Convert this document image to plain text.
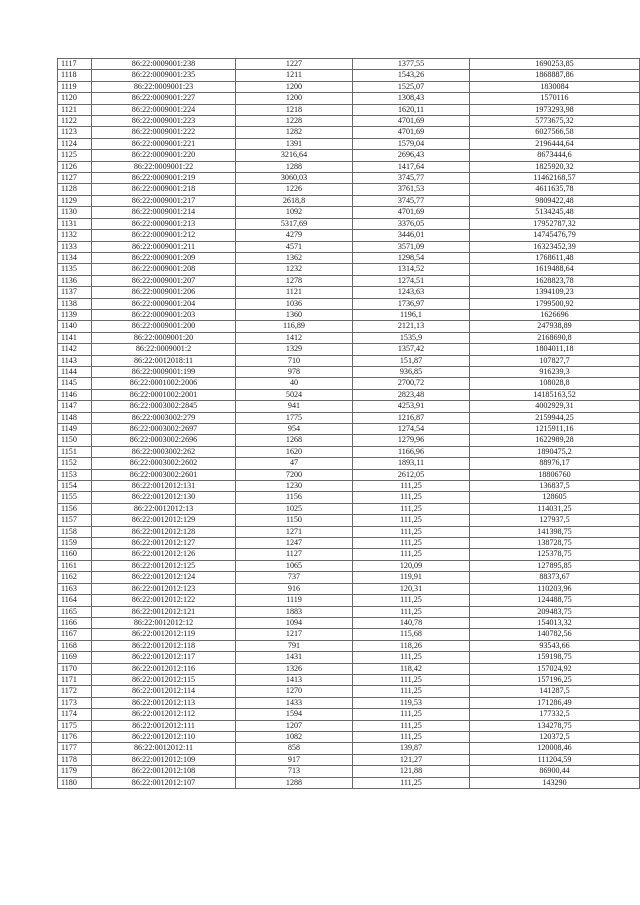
1117	86:22:0009001:238	1227	1377,55	1690253,85
1118	86:22:0009001:235	1211	1543,26	1868887,86
1119	86:22:0009001:23	1200	1525,07	1830084
1120	86:22:0009001:227	1200	1308,43	1570116
1121	86:22:0009001:224	1218	1620,11	1973293,98
1122	86:22:0009001:223	1228	4701,69	5773675,32
1123	86:22:0009001:222	1282	4701,69	6027566,58
1124	86:22:0009001:221	1391	1579,04	2196444,64
1125	86:22:0009001:220	3216,64	2696,43	8673444,6
1126	86:22:0009001:22	1288	1417,64	1825920,32
1127	86:22:0009001:219	3060,03	3745,77	11462168,57
1128	86:22:0009001:218	1226	3761,53	4611635,78
1129	86:22:0009001:217	2618,8	3745,77	9809422,48
1130	86:22:0009001:214	1092	4701,69	5134245,48
1131	86:22:0009001:213	5317,69	3376,05	17952787,32
1132	86:22:0009001:212	4279	3446,01	14745476,79
1133	86:22:0009001:211	4571	3571,09	16323452,39
1134	86:22:0009001:209	1362	1298,54	1768611,48
1135	86:22:0009001:208	1232	1314,52	1619488,64
1136	86:22:0009001:207	1278	1274,51	1628823,78
1137	86:22:0009001:206	1121	1243,63	1394109,23
1138	86:22:0009001:204	1036	1736,97	1799500,92
1139	86:22:0009001:203	1360	1196,1	1626696
1140	86:22:0009001:200	116,89	2121,13	247938,89
1141	86:22:0009001:20	1412	1535,9	2168690,8
1142	86:22:0009001:2	1329	1357,42	1804011,18
1143	86:22:0012018:11	710	151,87	107827,7
1144	86:22:0009001:199	978	936,85	916239,3
1145	86:22:0001002:2006	40	2700,72	108028,8
1146	86:22:0001002:2001	5024	2823,48	14185163,52
1147	86:22:0003002:2845	941	4253,91	4002929,31
1148	86:22:0003002:279	1775	1216,87	2159944,25
1149	86:22:0003002:2697	954	1274,54	1215911,16
1150	86:22:0003002:2696	1268	1279,96	1622989,28
1151	86:22:0003002:262	1620	1166,96	1890475,2
1152	86:22:0003002:2602	47	1893,11	88976,17
1153	86:22:0003002:2601	7200	2612,05	18806760
1154	86:22:0012012:131	1230	111,25	136837,5
1155	86:22:0012012:130	1156	111,25	128605
1156	86:22:0012012:13	1025	111,25	114031,25
1157	86:22:0012012:129	1150	111,25	127937,5
1158	86:22:0012012:128	1271	111,25	141398,75
1159	86:22:0012012:127	1247	111,25	138728,75
1160	86:22:0012012:126	1127	111,25	125378,75
1161	86:22:0012012:125	1065	120,09	127895,85
1162	86:22:0012012:124	737	119,91	88373,67
1163	86:22:0012012:123	916	120,31	110203,96
1164	86:22:0012012:122	1119	111,25	124488,75
1165	86:22:0012012:121	1883	111,25	209483,75
1166	86:22:0012012:12	1094	140,78	154013,32
1167	86:22:0012012:119	1217	115,68	140782,56
1168	86:22:0012012:118	791	118,26	93543,66
1169	86:22:0012012:117	1431	111,25	159198,75
1170	86:22:0012012:116	1326	118,42	157024,92
1171	86:22:0012012:115	1413	111,25	157196,25
1172	86:22:0012012:114	1270	111,25	141287,5
1173	86:22:0012012:113	1433	119,53	171286,49
1174	86:22:0012012:112	1594	111,25	177332,5
1175	86:22:0012012:111	1207	111,25	134278,75
1176	86:22:0012012:110	1082	111,25	120372,5
1177	86:22:0012012:11	858	139,87	120008,46
1178	86:22:0012012:109	917	121,27	111204,59
1179	86:22:0012012:108	713	121,88	86900,44
1180	86:22:0012012:107	1288	111,25	143290
